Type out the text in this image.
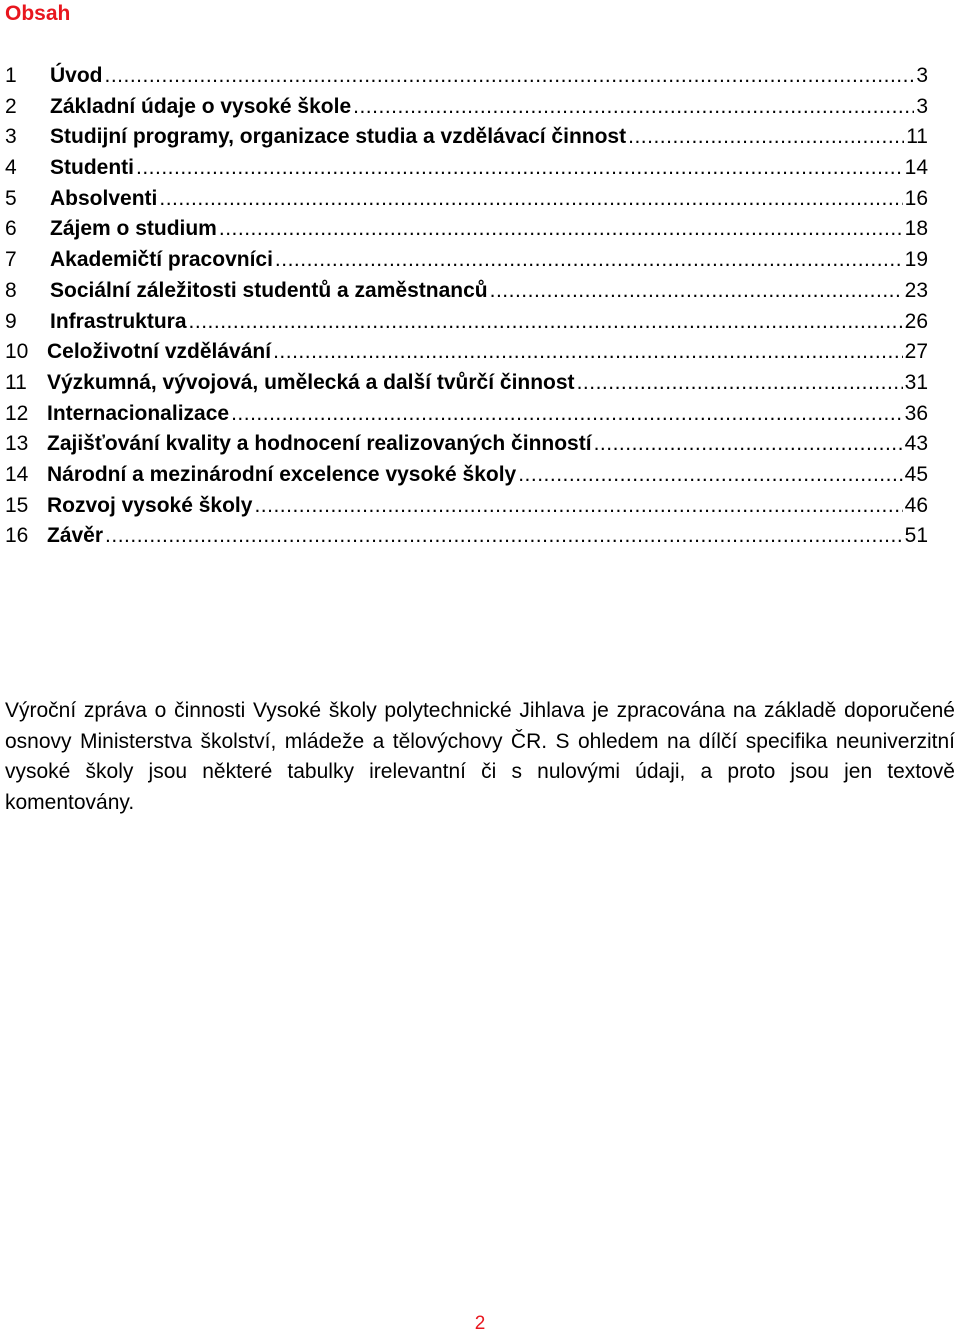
Obsah
1	Úvod .....	3
2	Základní údaje o vysoké škole .....	3
3	Studijní programy, organizace studia a vzdělávací činnost .....	11
4	Studenti .....	14
5	Absolventi .....	16
6	Zájem o studium .....	18
7	Akademičtí pracovníci .....	19
8	Sociální záležitosti studentů a zaměstnanců .....	23
9	Infrastruktura .....	26
10 Celoživotní vzdělávání .....	27
11 Výzkumná, vývojová, umělecká a další tvůrčí činnost .....	31
12 Internacionalizace .....	36
13 Zajišťování kvality a hodnocení realizovaných činností .....	43
14 Národní a mezinárodní excelence vysoké školy .....	45
15 Rozvoj vysoké školy .....	46
16 Závěr .....	51

Výroční zpráva o činnosti Vysoké školy polytechnické Jihlava je zpracována na základě doporučené osnovy Ministerstva školství, mládeže a tělovýchovy ČR. S ohledem na dílčí specifika neuniverzitní vysoké školy jsou některé tabulky irelevantní či s nulovými údaji, a proto jsou jen textově komentovány.

2
